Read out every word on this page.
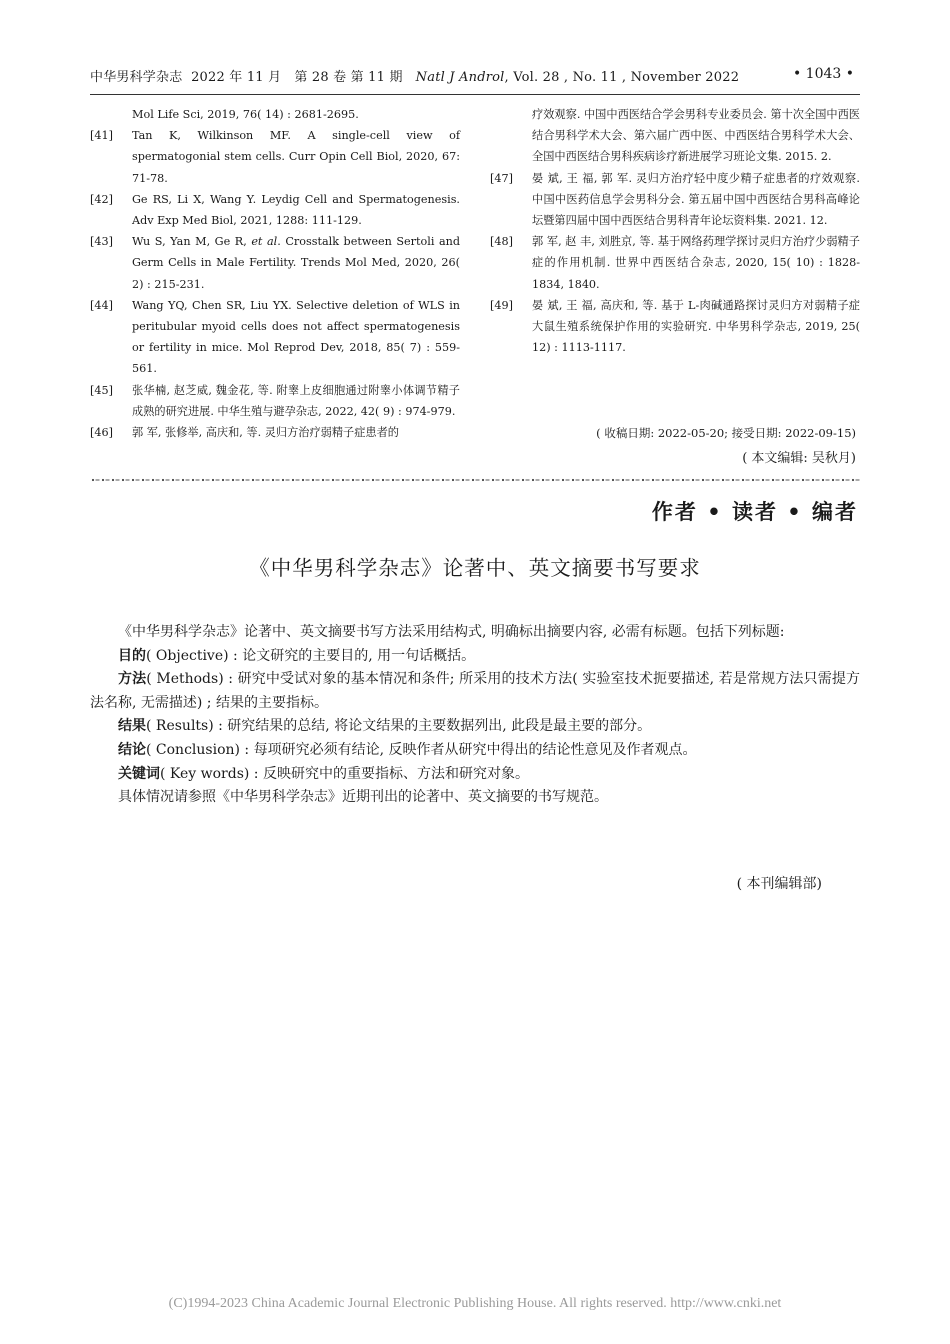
中华男科学杂志 2022 年 11 月 第 28 卷 第 11 期 Natl J Androl, Vol. 28 , No. 11 , November 2022	• 1043 •
Mol Life Sci, 2019, 76( 14) : 2681-2695.
[41] Tan K, Wilkinson MF. A single-cell view of spermatogonial stem cells. Curr Opin Cell Biol, 2020, 67: 71-78.
[42] Ge RS, Li X, Wang Y. Leydig Cell and Spermatogenesis. Adv Exp Med Biol, 2021, 1288: 111-129.
[43] Wu S, Yan M, Ge R, et al. Crosstalk between Sertoli and Germ Cells in Male Fertility. Trends Mol Med, 2020, 26( 2) : 215-231.
[44] Wang YQ, Chen SR, Liu YX. Selective deletion of WLS in peritubular myoid cells does not affect spermatogenesis or fertility in mice. Mol Reprod Dev, 2018, 85( 7) : 559-561.
[45] 张华楠, 赵芝威, 魏金花, 等. 附睾上皮细胞通过附睾小体调节精子成熟的研究进展. 中华生殖与避孕杂志, 2022, 42( 9) : 974-979.
[46] 郭 军, 张修举, 高庆和, 等. 灵归方治疗弱精子症患者的
疗效观察. 中国中西医结合学会男科专业委员会. 第十次全国中西医结合男科学术大会、第六届广西中医、中西医结合男科学术大会、全国中西医结合男科疾病诊疗新进展学习班论文集. 2015. 2.
[47] 晏 斌, 王 福, 郭 军. 灵归方治疗轻中度少精子症患者的疗效观察. 中国中医药信息学会男科分会. 第五届中国中西医结合男科高峰论坛暨第四届中国中西医结合男科青年论坛资料集. 2021. 12.
[48] 郭 军, 赵 丰, 刘胜京, 等. 基于网络药理学探讨灵归方治疗少弱精子症的作用机制. 世界中西医结合杂志, 2020, 15( 10) : 1828-1834, 1840.
[49] 晏 斌, 王 福, 高庆和, 等. 基于 L-肉碱通路探讨灵归方对弱精子症大鼠生殖系统保护作用的实验研究. 中华男科学杂志, 2019, 25( 12) : 1113-1117.
( 收稿日期: 2022-05-20; 接受日期: 2022-09-15)
( 本文编辑: 吴秋月)
作者 • 读者 • 编者
《中华男科学杂志》论著中、英文摘要书写要求

《中华男科学杂志》论著中、英文摘要书写方法采用结构式, 明确标出摘要内容, 必需有标题。包括下列标题:

目的( Objective) : 论文研究的主要目的, 用一句话概括。

方法( Methods) : 研究中受试对象的基本情况和条件; 所采用的技术方法( 实验室技术扼要描述, 若是常规方法只需提方法名称, 无需描述) ; 结果的主要指标。

结果( Results) : 研究结果的总结, 将论文结果的主要数据列出, 此段是最主要的部分。

结论( Conclusion) : 每项研究必须有结论, 反映作者从研究中得出的结论性意见及作者观点。

关键词( Key words) : 反映研究中的重要指标、方法和研究对象。

具体情况请参照《中华男科学杂志》近期刊出的论著中、英文摘要的书写规范。

( 本刊编辑部)
(C)1994-2023 China Academic Journal Electronic Publishing House. All rights reserved. http://www.cnki.net
